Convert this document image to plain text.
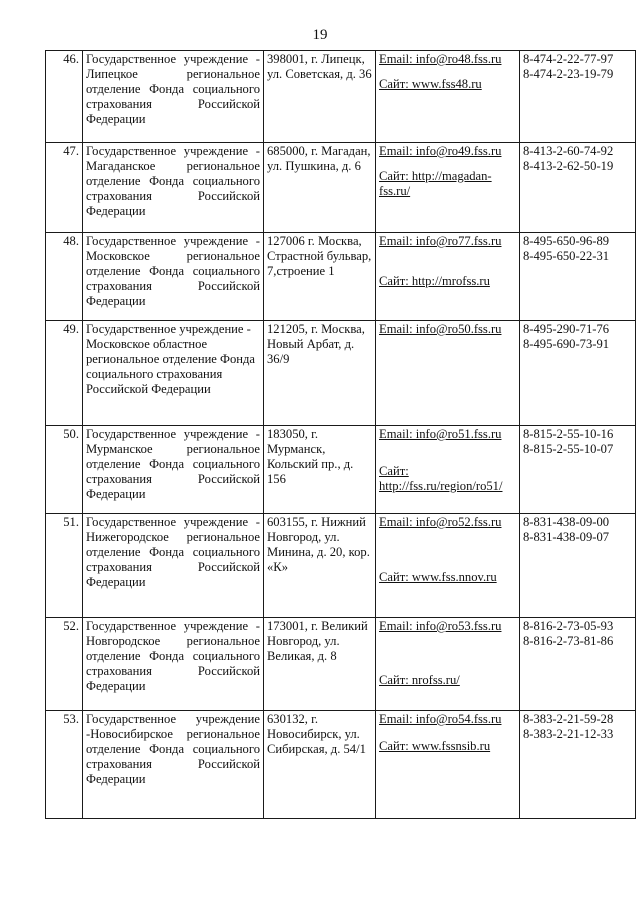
19
46.	Государственное учреждение - Липецкое региональное отделение Фонда социального страхования Российской Федерации	398001, г. Липецк, ул. Советская, д. 36	Email: info@ro48.fss.ru
Сайт: www.fss48.ru	8-474-2-22-77-97
8-474-2-23-19-79

47.	Государственное учреждение - Магаданское региональное отделение Фонда социального страхования Российской Федерации	685000, г. Магадан, ул. Пушкина, д. 6	Email: info@ro49.fss.ru
Сайт: http://magadan-fss.ru/	8-413-2-60-74-92
8-413-2-62-50-19

48.	Государственное учреждение - Московское региональное отделение Фонда социального страхования Российской Федерации	127006 г. Москва, Страстной бульвар, 7,строение 1	Email: info@ro77.fss.ru
Сайт: http://mrofss.ru	8-495-650-96-89
8-495-650-22-31

49.	Государственное учреждение - Московское областное региональное отделение Фонда социального страхования Российской Федерации	121205, г. Москва, Новый Арбат, д. 36/9	Email: info@ro50.fss.ru	8-495-290-71-76
8-495-690-73-91

50.	Государственное учреждение - Мурманское региональное отделение Фонда социального страхования Российской Федерации	183050, г. Мурманск, Кольский пр., д. 156	Email: info@ro51.fss.ru
Сайт: http://fss.ru/region/ro51/	8-815-2-55-10-16
8-815-2-55-10-07

51.	Государственное учреждение - Нижегородское региональное отделение Фонда социального страхования Российской Федерации	603155, г. Нижний Новгород, ул. Минина, д. 20, кор. «К»	Email: info@ro52.fss.ru
Сайт: www.fss.nnov.ru	8-831-438-09-00
8-831-438-09-07

52.	Государственное учреждение - Новгородское региональное отделение Фонда социального страхования Российской Федерации	173001, г. Великий Новгород, ул. Великая, д. 8	Email: info@ro53.fss.ru
Сайт: nrofss.ru/	8-816-2-73-05-93
8-816-2-73-81-86

53.	Государственное учреждение -Новосибирское региональное отделение Фонда социального страхования Российской Федерации	630132, г. Новосибирск, ул. Сибирская, д. 54/1	Email: info@ro54.fss.ru
Сайт: www.fssnsib.ru	8-383-2-21-59-28
8-383-2-21-12-33
